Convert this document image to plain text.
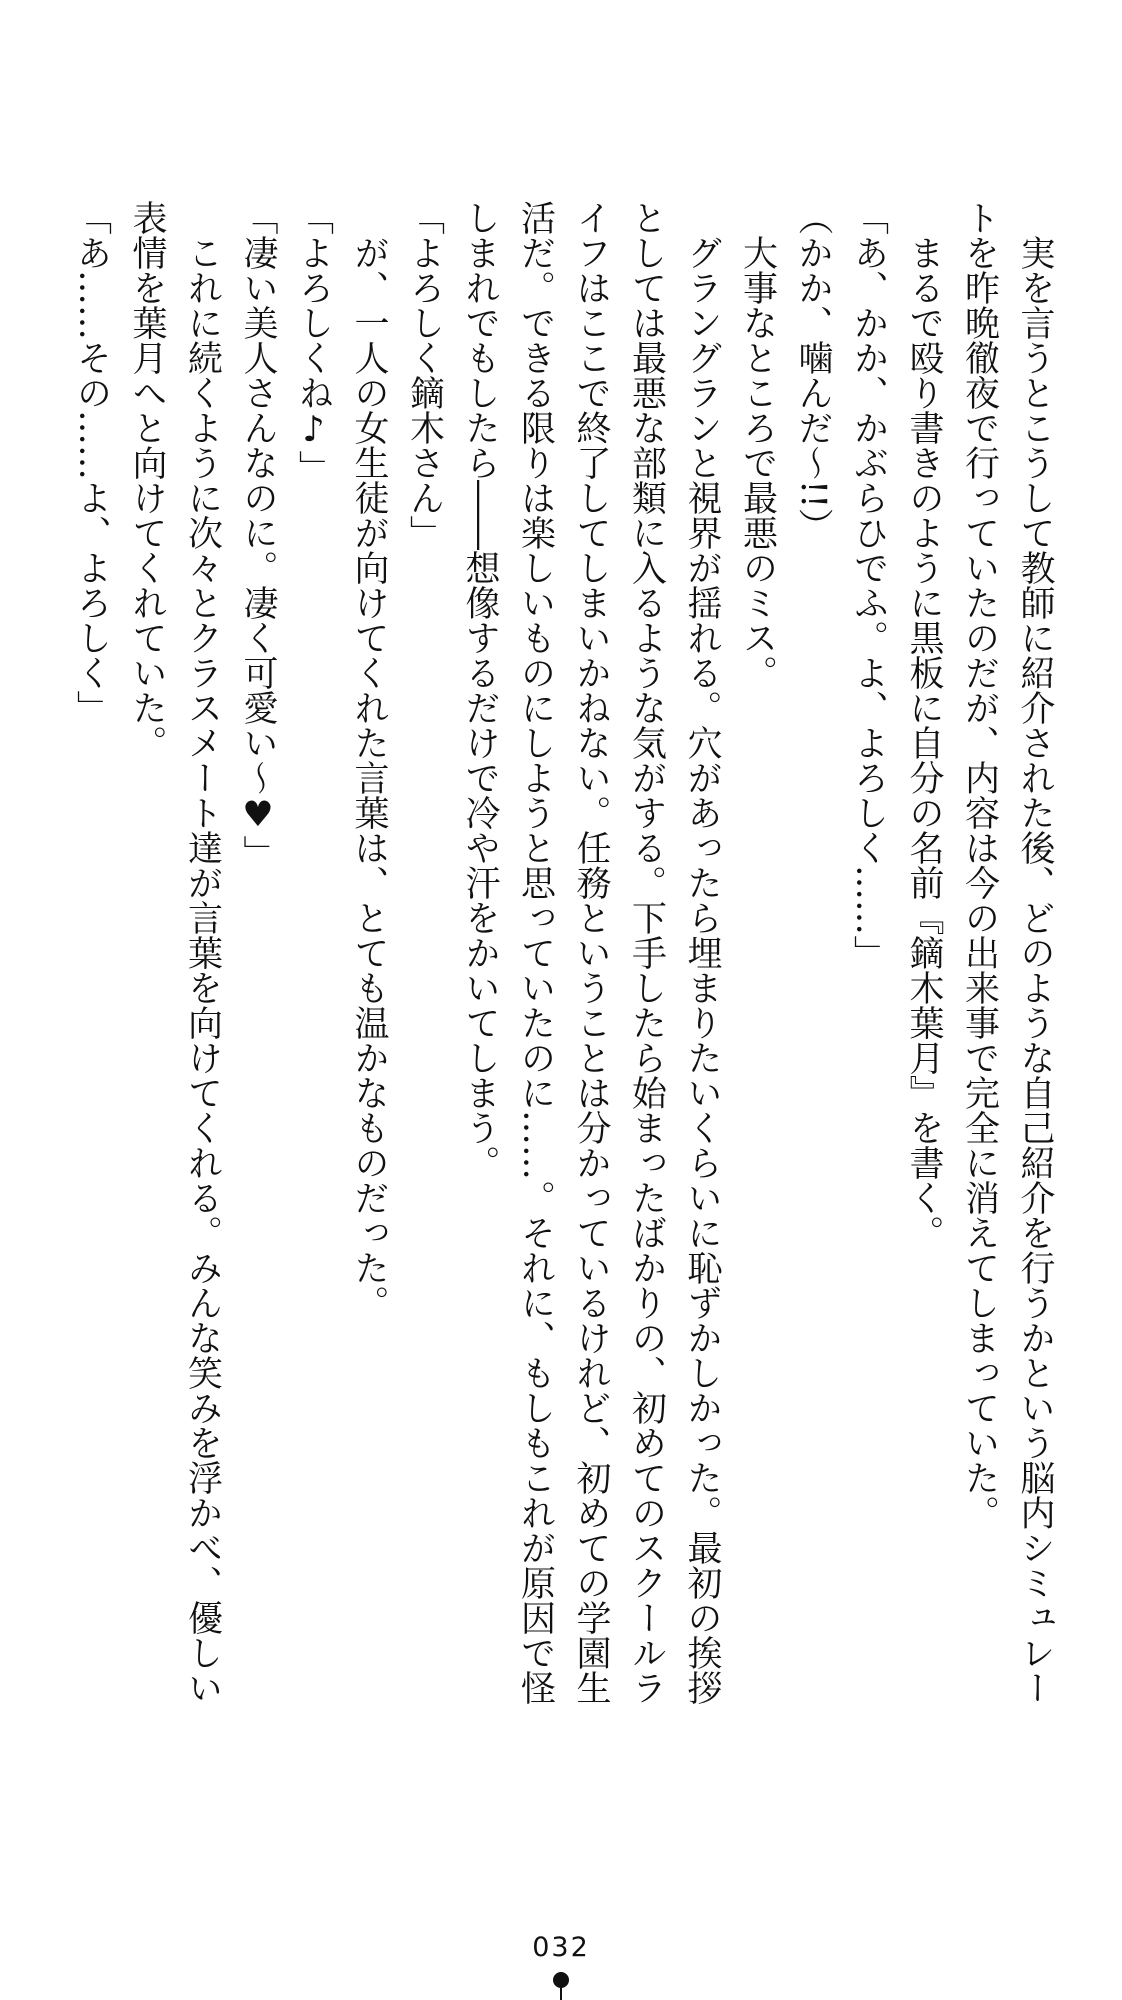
　実を言うとこうして教師に紹介された後、どのような自己紹介を行うかという脳内シミュレートを昨晩徹夜で行っていたのだが、内容は今の出来事で完全に消えてしまっていた。

　まるで殴り書きのように黒板に自分の名前『鏑木葉月』を書く。

「あ、かか、かぶらひでふ。よ、よろしく……」

（かか、噛んだ～!!）

　大事なところで最悪のミス。

　グラングランと視界が揺れる。穴があったら埋まりたいくらいに恥ずかしかった。最初の挨拶としては最悪な部類に入るような気がする。下手したら始まったばかりの、初めてのスクールライフはここで終了してしまいかねない。任務ということは分かっているけれど、初めての学園生活だ。できる限りは楽しいものにしようと思っていたのに……。それに、もしもこれが原因で怪しまれでもしたら――想像するだけで冷や汗をかいてしまう。

「よろしく鏑木さん」

　が、一人の女生徒が向けてくれた言葉は、とても温かなものだった。

「よろしくね♪」

「凄い美人さんなのに。凄く可愛い～♥」

　これに続くように次々とクラスメート達が言葉を向けてくれる。みんな笑みを浮かべ、優しい表情を葉月へと向けてくれていた。

「あ……その……よ、よろしく」

032
